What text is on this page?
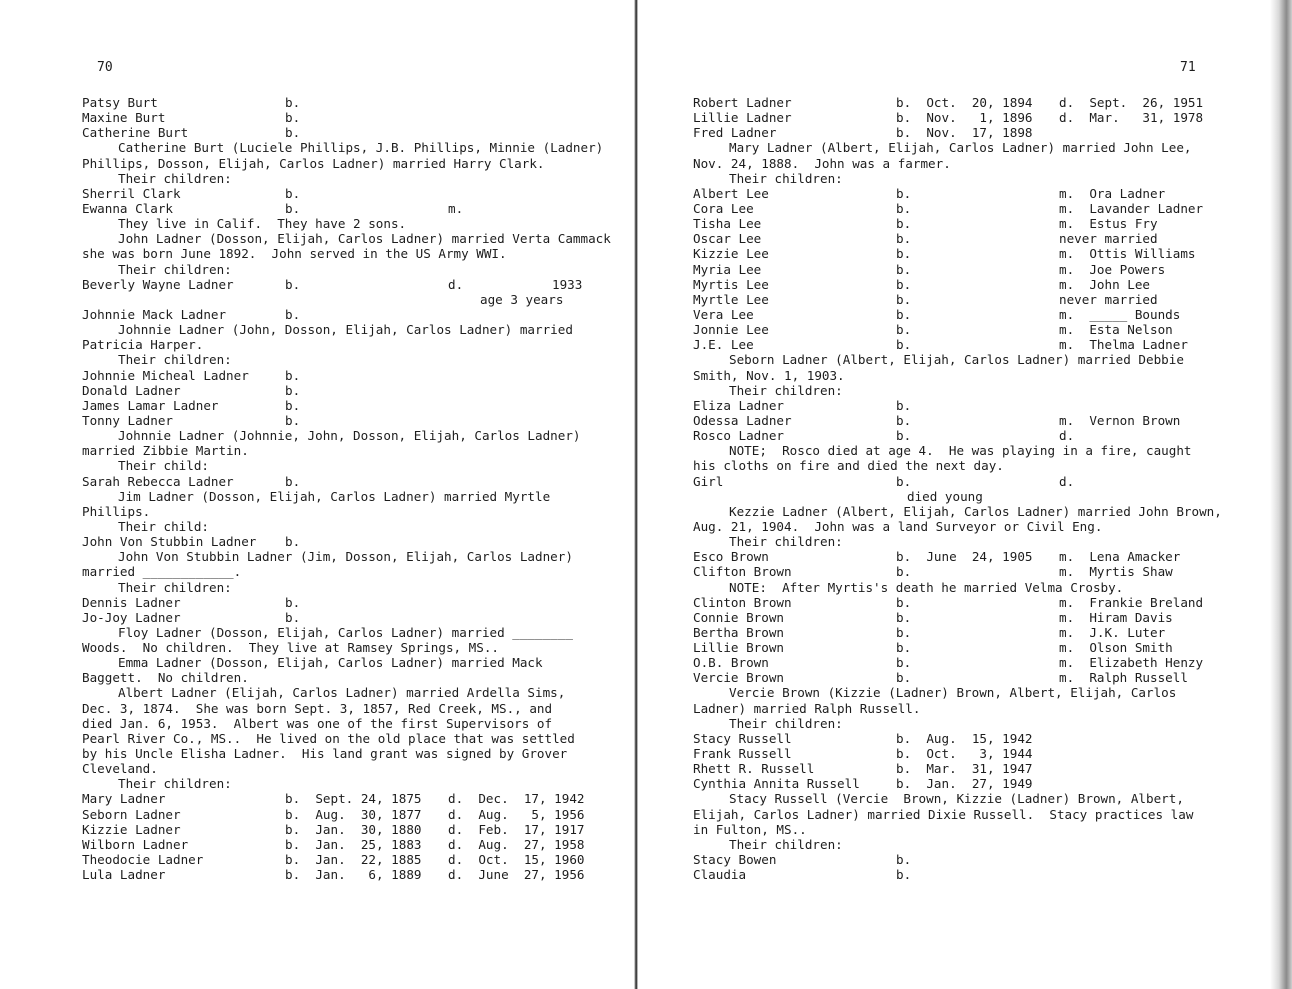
70
Patsy Burt	b.
Maxine Burt	b.
Catherine Burt	b.
Catherine Burt (Luciele Phillips, J.B. Phillips, Minnie (Ladner)
Phillips, Dosson, Elijah, Carlos Ladner) married Harry Clark.
Their children:
Sherril Clark	b.
Ewanna Clark	b.	m.
They live in Calif.  They have 2 sons.
John Ladner (Dosson, Elijah, Carlos Ladner) married Verta Cammack
she was born June 1892.  John served in the US Army WWI.
Their children:
Beverly Wayne Ladner	b.	d.	1933
age 3 years
Johnnie Mack Ladner	b.
Johnnie Ladner (John, Dosson, Elijah, Carlos Ladner) married
Patricia Harper.
Their children:
Johnnie Micheal Ladner	b.
Donald Ladner	b.
James Lamar Ladner	b.
Tonny Ladner	b.
Johnnie Ladner (Johnnie, John, Dosson, Elijah, Carlos Ladner)
married Zibbie Martin.
Their child:
Sarah Rebecca Ladner	b.
Jim Ladner (Dosson, Elijah, Carlos Ladner) married Myrtle
Phillips.
Their child:
John Von Stubbin Ladner b.
John Von Stubbin Ladner (Jim, Dosson, Elijah, Carlos Ladner)
married ____________.
Their children:
Dennis Ladner	b.
Jo-Joy Ladner	b.
Floy Ladner (Dosson, Elijah, Carlos Ladner) married ________
Woods.  No children.  They live at Ramsey Springs, MS..
Emma Ladner (Dosson, Elijah, Carlos Ladner) married Mack
Baggett.  No children.
Albert Ladner (Elijah, Carlos Ladner) married Ardella Sims,
Dec. 3, 1874.  She was born Sept. 3, 1857, Red Creek, MS., and
died Jan. 6, 1953.  Albert was one of the first Supervisors of
Pearl River Co., MS..  He lived on the old place that was settled
by his Uncle Elisha Ladner.  His land grant was signed by Grover
Cleveland.
Their children:
Mary Ladner	b.  Sept. 24, 1875 d.  Dec.  17, 1942
Seborn Ladner	b.  Aug.  30, 1877 d.  Aug.   5, 1956
Kizzie Ladner	b.  Jan.  30, 1880 d.  Feb.  17, 1917
Wilborn Ladner	b.  Jan.  25, 1883 d.  Aug.  27, 1958
Theodocie Ladner	b.  Jan.  22, 1885 d.  Oct.  15, 1960
Lula Ladner	b.  Jan.   6, 1889 d.  June  27, 1956
71
Robert Ladner	b.  Oct.  20, 1894 d.  Sept.  26, 1951
Lillie Ladner	b.  Nov.   1, 1896 d.  Mar.   31, 1978
Fred Ladner	b.  Nov.  17, 1898
Mary Ladner (Albert, Elijah, Carlos Ladner) married John Lee,
Nov. 24, 1888.  John was a farmer.
Their children:
Albert Lee	b.	m.  Ora Ladner
Cora Lee	b.	m.  Lavander Ladner
Tisha Lee	b.	m.  Estus Fry
Oscar Lee	b.	never married
Kizzie Lee	b.	m.  Ottis Williams
Myria Lee	b.	m.  Joe Powers
Myrtis Lee	b.	m.  John Lee
Myrtle Lee	b.	never married
Vera Lee	b.	m.  _____ Bounds
Jonnie Lee	b.	m.  Esta Nelson
J.E. Lee	b.	m.  Thelma Ladner
Seborn Ladner (Albert, Elijah, Carlos Ladner) married Debbie
Smith, Nov. 1, 1903.
Their children:
Eliza Ladner	b.
Odessa Ladner	b.	m.  Vernon Brown
Rosco Ladner	b.	d.
NOTE;  Rosco died at age 4.  He was playing in a fire, caught
his cloths on fire and died the next day.
Girl	b.	d.
died young
Kezzie Ladner (Albert, Elijah, Carlos Ladner) married John Brown,
Aug. 21, 1904.  John was a land Surveyor or Civil Eng.
Their children:
Esco Brown	b.  June  24, 1905 m.  Lena Amacker
Clifton Brown	b.	m.  Myrtis Shaw
NOTE:  After Myrtis's death he married Velma Crosby.
Clinton Brown	b.	m.  Frankie Breland
Connie Brown	b.	m.  Hiram Davis
Bertha Brown	b.	m.  J.K. Luter
Lillie Brown	b.	m.  Olson Smith
O.B. Brown	b.	m.  Elizabeth Henzy
Vercie Brown	b.	m.  Ralph Russell
Vercie Brown (Kizzie (Ladner) Brown, Albert, Elijah, Carlos
Ladner) married Ralph Russell.
Their children:
Stacy Russell	b.  Aug.  15, 1942
Frank Russell	b.  Oct.   3, 1944
Rhett R. Russell	b.  Mar.  31, 1947
Cynthia Annita Russell	b.  Jan.  27, 1949
Stacy Russell (Vercie  Brown, Kizzie (Ladner) Brown, Albert,
Elijah, Carlos Ladner) married Dixie Russell.  Stacy practices law
in Fulton, MS..
Their children:
Stacy Bowen	b.
Claudia	b.
